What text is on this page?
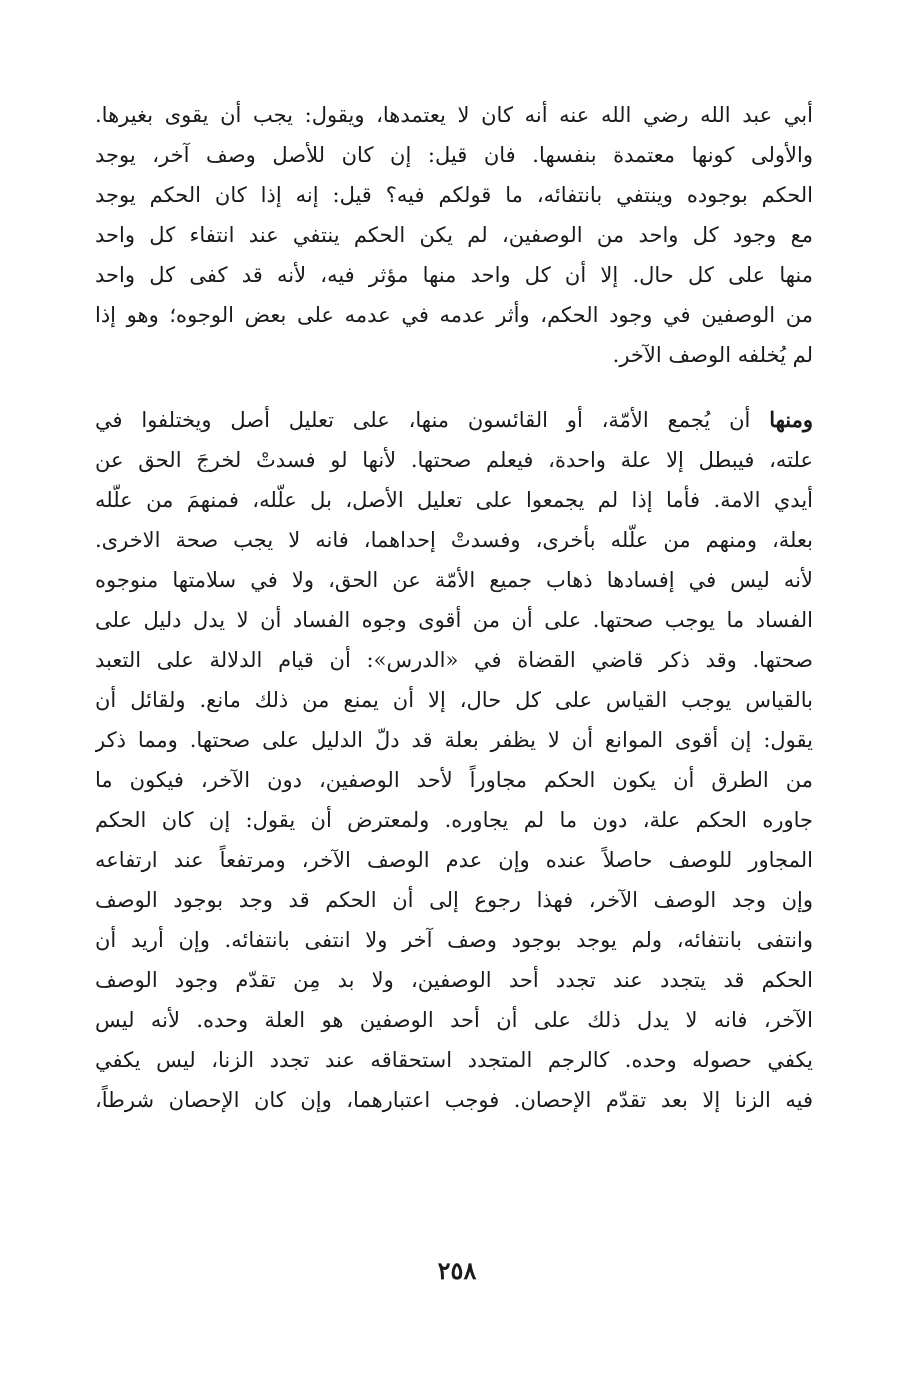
أبي عبد الله رضي الله عنه أنه كان لا يعتمدها، ويقول: يجب أن يقوى بغيرها.
والأولى كونها معتمدة بنفسها. فان قيل: إن كان للأصل وصف آخر، يوجد
الحكم بوجوده وينتفي بانتفائه، ما قولكم فيه؟ قيل: إنه إذا كان الحكم يوجد
مع وجود كل واحد من الوصفين، لم يكن الحكم ينتفي عند انتفاء كل واحد
منها على كل حال. إلا أن كل واحد منها مؤثر فيه، لأنه قد كفى كل واحد
من الوصفين في وجود الحكم، وأثر عدمه في عدمه على بعض الوجوه؛ وهو إذا
لم يُخلفه الوصف الآخر.
ومنها أن يُجمع الأمّة، أو القائسون منها، على تعليل أصل ويختلفوا في
علته، فيبطل إلا علة واحدة، فيعلم صحتها. لأنها لو فسدتْ لخرجَ الحق عن
أيدي الامة. فأما إذا لم يجمعوا على تعليل الأصل، بل علّله، فمنهمَ من علّله
بعلة، ومنهم من علّله بأخرى، وفسدتْ إحداهما، فانه لا يجب صحة الاخرى.
لأنه ليس في إفسادها ذهاب جميع الأمّة عن الحق، ولا في سلامتها منوجوه
الفساد ما يوجب صحتها. على أن من أقوى وجوه الفساد أن لا يدل دليل على
صحتها. وقد ذكر قاضي القضاة في «الدرس»: أن قيام الدلالة على التعبد
بالقياس يوجب القياس على كل حال، إلا أن يمنع من ذلك مانع. ولقائل أن
يقول: إن أقوى الموانع أن لا يظفر بعلة قد دلّ الدليل على صحتها. ومما ذكر
من الطرق أن يكون الحكم مجاوراً لأحد الوصفين، دون الآخر، فيكون ما
جاوره الحكم علة، دون ما لم يجاوره. ولمعترض أن يقول: إن كان الحكم
المجاور للوصف حاصلاً عنده وإن عدم الوصف الآخر، ومرتفعاً عند ارتفاعه
وإن وجد الوصف الآخر، فهذا رجوع إلى أن الحكم قد وجد بوجود الوصف
وانتفى بانتفائه، ولم يوجد بوجود وصف آخر ولا انتفى بانتفائه. وإن أريد أن
الحكم قد يتجدد عند تجدد أحد الوصفين، ولا بد مِن تقدّم وجود الوصف
الآخر، فانه لا يدل ذلك على أن أحد الوصفين هو العلة وحده. لأنه ليس
يكفي حصوله وحده. كالرجم المتجدد استحقاقه عند تجدد الزنا، ليس يكفي
فيه الزنا إلا بعد تقدّم الإحصان. فوجب اعتبارهما، وإن كان الإحصان شرطاً،
٢٥٨
